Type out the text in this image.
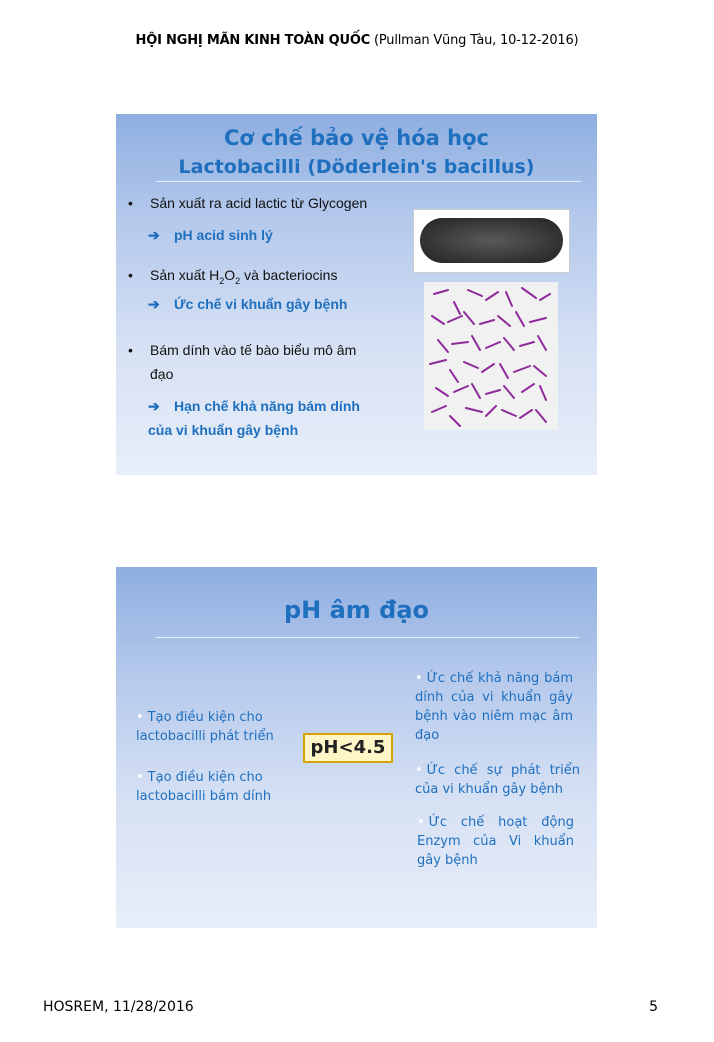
HỘI NGHỊ MÃN KINH TOÀN QUỐC (Pullman Vũng Tàu, 10-12-2016)
Cơ chế bảo vệ hóa học
Lactobacilli (Döderlein's bacillus)
• Sản xuất ra acid lactic từ Glycogen
➔ pH acid sinh lý
• Sản xuất $H_2O_2$ và bacteriocins
➔ Ức chế vi khuẩn gây bệnh
• Bám dính vào tế bào biểu mô âm
đạo
➔ Hạn chế khả năng bám dính
của vi khuẩn gây bệnh
pH âm đạo
• Tạo điều kiện cho
lactobacilli phát triển
• Tạo điều kiện cho
lactobacilli bám dính
pH<4.5
• Ức chế khả năng bám dính của vi khuẩn gây bệnh vào niêm mạc âm đạo
• Ức chế sự phát triển của vi khuẩn gây bệnh
• Ức chế hoạt động Enzym của Vi khuẩn gây bệnh
HOSREM, 11/28/2016	5
